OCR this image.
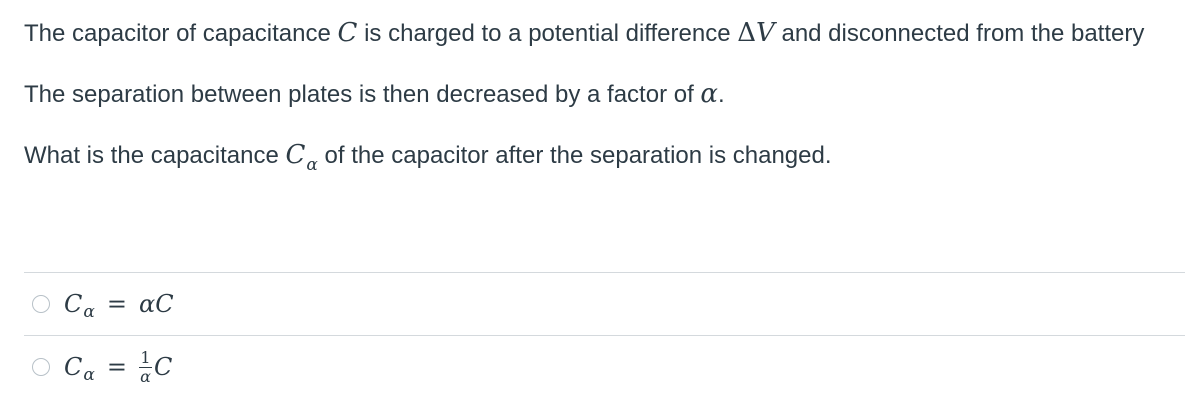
The capacitor of capacitance C is charged to a potential difference ΔV and disconnected from the battery

The separation between plates is then decreased by a factor of α.

What is the capacitance $C_\alpha$ of the capacitor after the separation is changed.

C α = α C
C $\alpha = \frac{1}{\alpha}$ C
